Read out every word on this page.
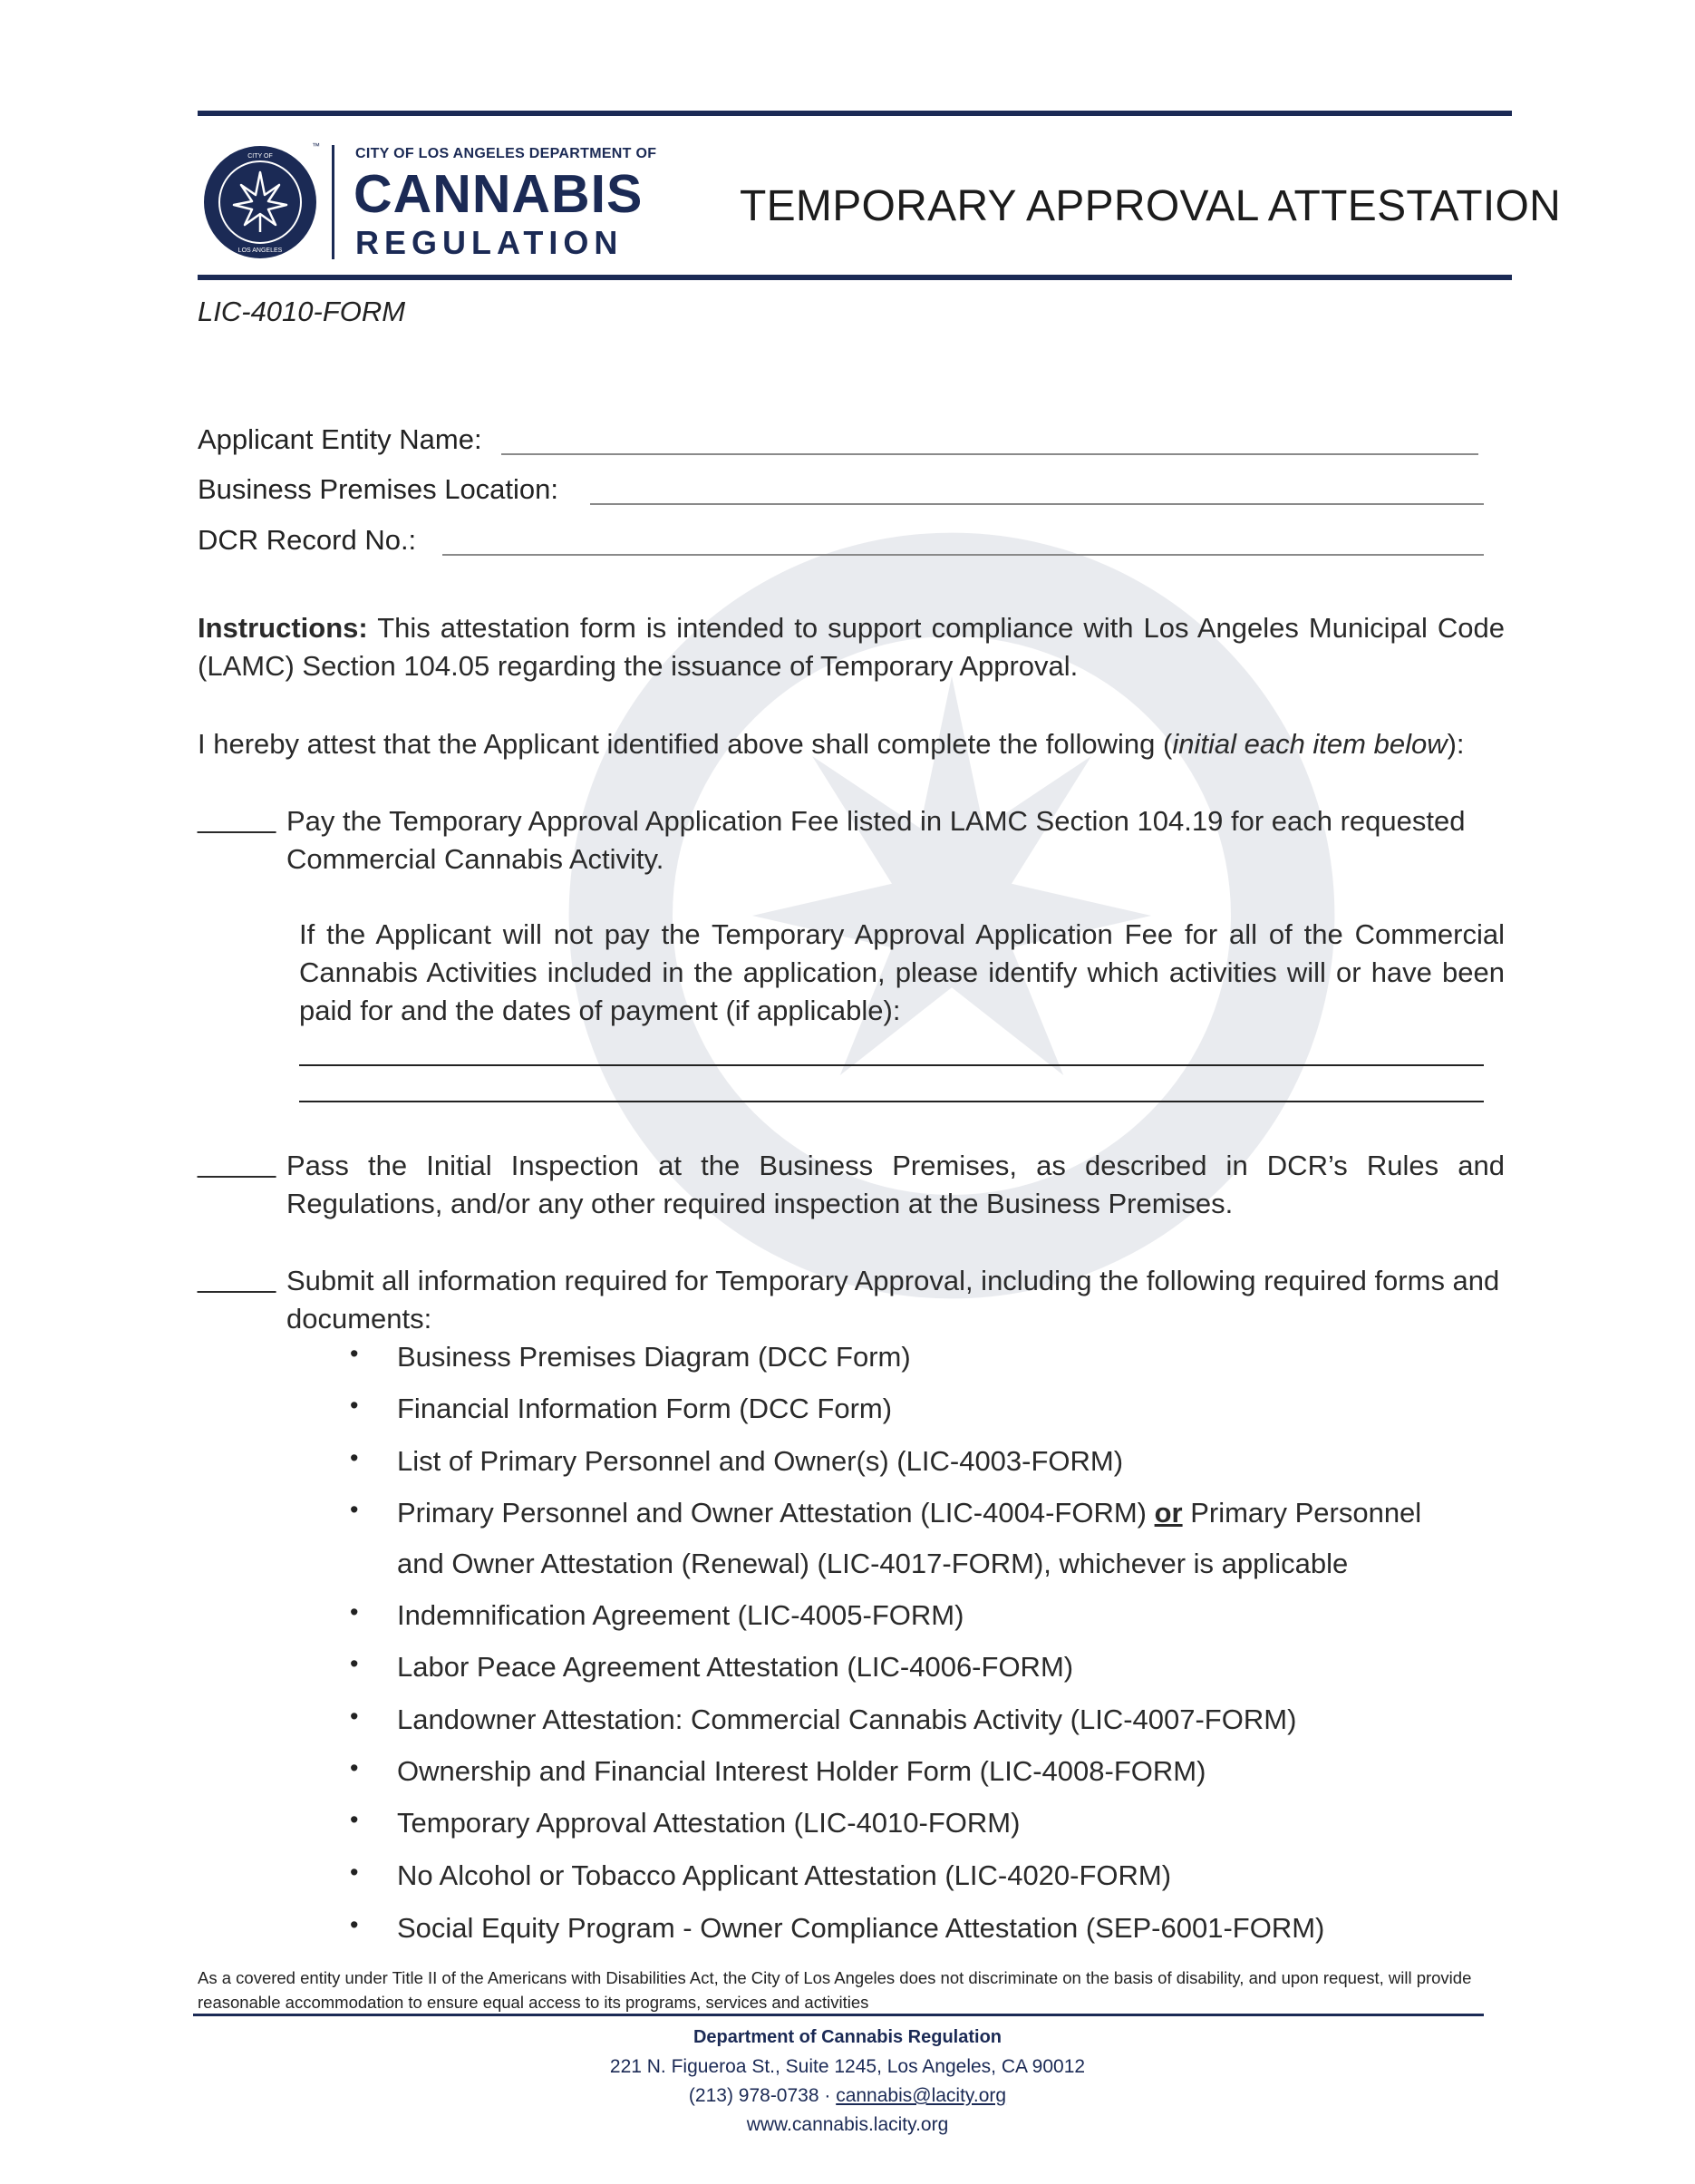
CITY OF
LOS ANGELES
™ CITY OF LOS ANGELES DEPARTMENT OF
CANNABIS
REGULATION
TEMPORARY APPROVAL ATTESTATION
LIC-4010-FORM
Applicant Entity Name:
Business Premises Location:
DCR Record No.:
Instructions: This attestation form is intended to support compliance with Los Angeles Municipal Code (LAMC) Section 104.05 regarding the issuance of Temporary Approval.
I hereby attest that the Applicant identified above shall complete the following (initial each item below):
_____ Pay the Temporary Approval Application Fee listed in LAMC Section 104.19 for each requested Commercial Cannabis Activity.
If the Applicant will not pay the Temporary Approval Application Fee for all of the Commercial Cannabis Activities included in the application, please identify which activities will or have been paid for and the dates of payment (if applicable):
_____ Pass the Initial Inspection at the Business Premises, as described in DCR’s Rules and Regulations, and/or any other required inspection at the Business Premises.
_____ Submit all information required for Temporary Approval, including the following required forms and documents:
• Business Premises Diagram (DCC Form)
• Financial Information Form (DCC Form)
• List of Primary Personnel and Owner(s) (LIC-4003-FORM)
• Primary Personnel and Owner Attestation (LIC-4004-FORM) or Primary Personnel
and Owner Attestation (Renewal) (LIC-4017-FORM), whichever is applicable
• Indemnification Agreement (LIC-4005-FORM)
• Labor Peace Agreement Attestation (LIC-4006-FORM)
• Landowner Attestation: Commercial Cannabis Activity (LIC-4007-FORM)
• Ownership and Financial Interest Holder Form (LIC-4008-FORM)
• Temporary Approval Attestation (LIC-4010-FORM)
• No Alcohol or Tobacco Applicant Attestation (LIC-4020-FORM)
• Social Equity Program - Owner Compliance Attestation (SEP-6001-FORM)
As a covered entity under Title II of the Americans with Disabilities Act, the City of Los Angeles does not discriminate on the basis of disability, and upon request, will provide reasonable accommodation to ensure equal access to its programs, services and activities
Department of Cannabis Regulation
221 N. Figueroa St., Suite 1245, Los Angeles, CA 90012
(213) 978-0738 · cannabis@lacity.org
www.cannabis.lacity.org
